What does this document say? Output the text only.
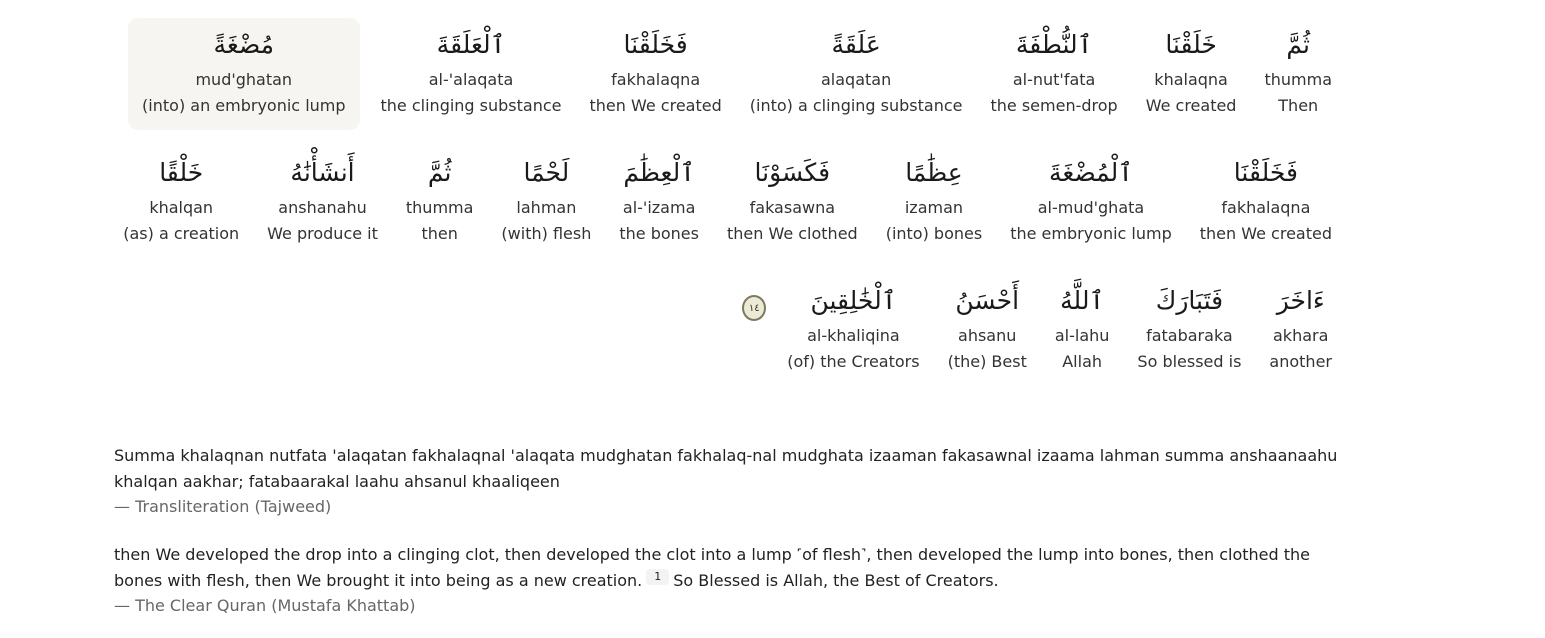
ثُمَّ
thumma
Then
خَلَقْنَا
khalaqna
We created
ٱلنُّطْفَةَ
al-nut'fata
the semen-drop
عَلَقَةً
alaqatan
(into) a clinging substance
فَخَلَقْنَا
fakhalaqna
then We created
ٱلْعَلَقَةَ
al-'alaqata
the clinging substance
مُضْغَةً
mud'ghatan
(into) an embryonic lump
فَخَلَقْنَا
fakhalaqna
then We created
ٱلْمُضْغَةَ
al-mud'ghata
the embryonic lump
عِظَٰمًا
izaman
(into) bones
فَكَسَوْنَا
fakasawna
then We clothed
ٱلْعِظَٰمَ
al-'izama
the bones
لَحْمًا
lahman
(with) flesh
ثُمَّ
thumma
then
أَنشَأْنَٰهُ
anshanahu
We produce it
خَلْقًا
khalqan
(as) a creation
ءَاخَرَ
akhara
another
فَتَبَارَكَ
fatabaraka
So blessed is
ٱللَّهُ
al-lahu
Allah
أَحْسَنُ
ahsanu
(the) Best
ٱلْخَٰلِقِينَ
al-khaliqina
(of) the Creators
١٤

Summa khalaqnan nutfata 'alaqatan fakhalaqnal 'alaqata mudghatan fakhalaq-nal mudghata izaaman fakasawnal izaama lahman summa anshaanaahu khalqan aakhar; fatabaarakal laahu ahsanul khaaliqeen

— Transliteration (Tajweed)

then We developed the drop into a clinging clot, then developed the clot into a lump ˹of flesh˺, then developed the lump into bones, then clothed the bones with flesh, then We brought it into being as a new creation. 1 So Blessed is Allah, the Best of Creators.

— The Clear Quran (Mustafa Khattab)
